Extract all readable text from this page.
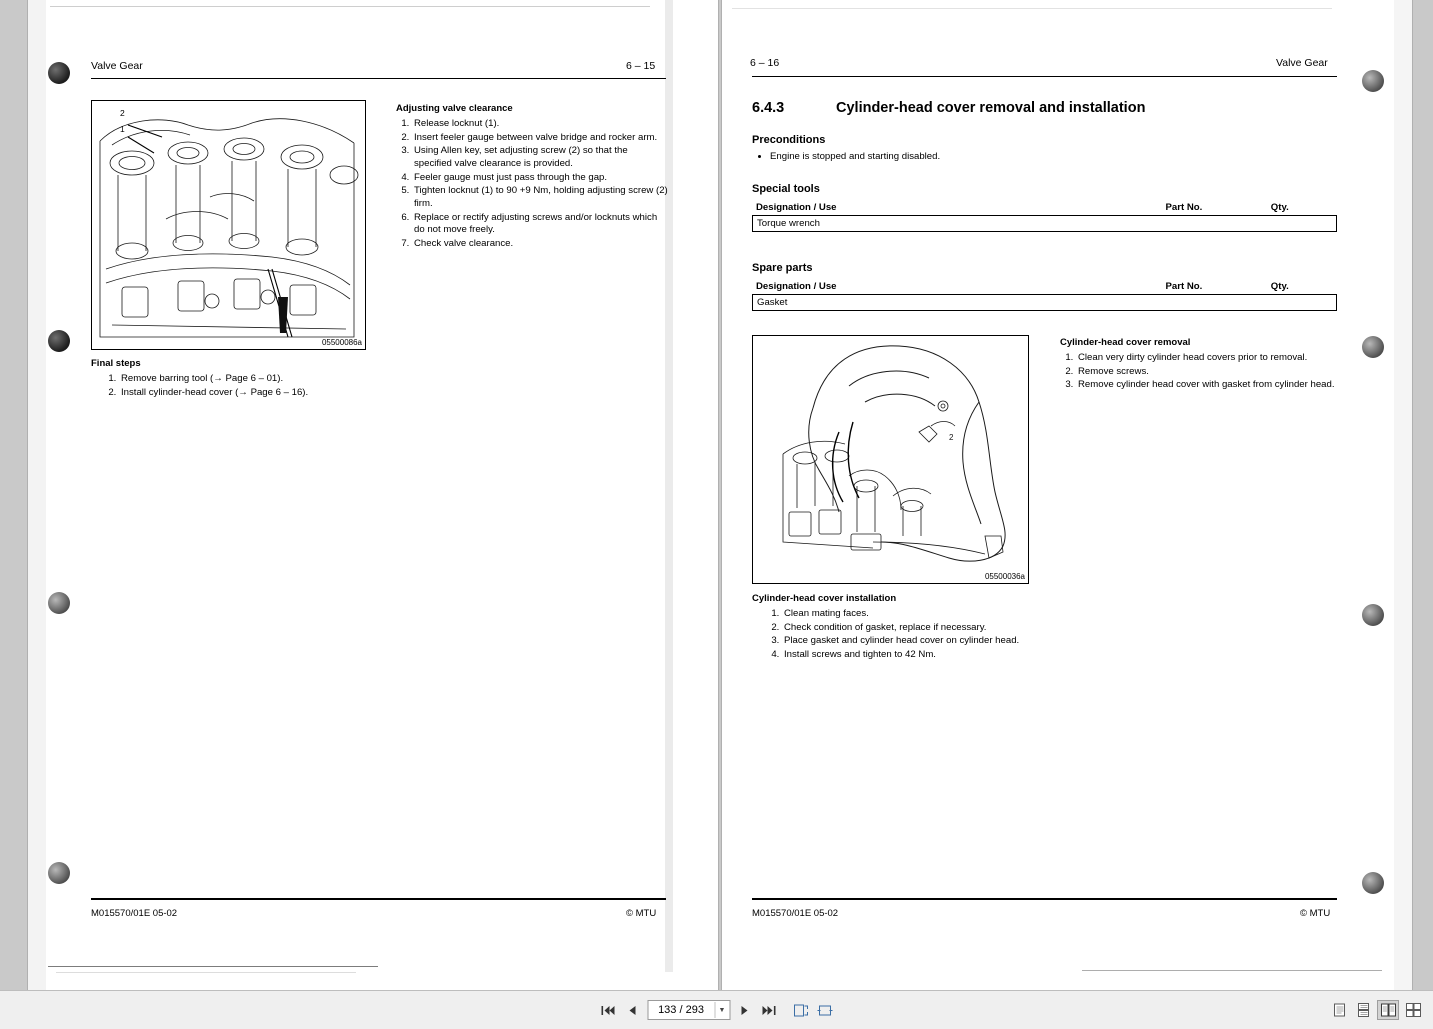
Valve Gear	6 – 15
05500086a
2
1
Adjusting valve clearance
1. Release locknut (1).
2. Insert feeler gauge between valve bridge and rocker arm.
3. Using Allen key, set adjusting screw (2) so that the specified valve clearance is provided.
4. Feeler gauge must just pass through the gap.
5. Tighten locknut (1) to 90 +9 Nm, holding adjusting screw (2) firm.
6. Replace or rectify adjusting screws and/or locknuts which do not move freely.
7. Check valve clearance.
Final steps
1. Remove barring tool (→ Page 6 – 01).
2. Install cylinder-head cover (→ Page 6 – 16).
M015570/01E 05-02	© MTU
6 – 16	Valve Gear
6.4.3	Cylinder-head cover removal and installation
Preconditions
• Engine is stopped and starting disabled.
Special tools
Designation / Use	Part No.	Qty.
Torque wrench		
Spare parts
Designation / Use	Part No.	Qty.
Gasket		
2
05500036a
Cylinder-head cover removal
1. Clean very dirty cylinder head covers prior to removal.
2. Remove screws.
3. Remove cylinder head cover with gasket from cylinder head.
Cylinder-head cover installation
1. Clean mating faces.
2. Check condition of gasket, replace if necessary.
3. Place gasket and cylinder head cover on cylinder head.
4. Install screws and tighten to 42 Nm.
M015570/01E 05-02	© MTU
133 / 293
▼
